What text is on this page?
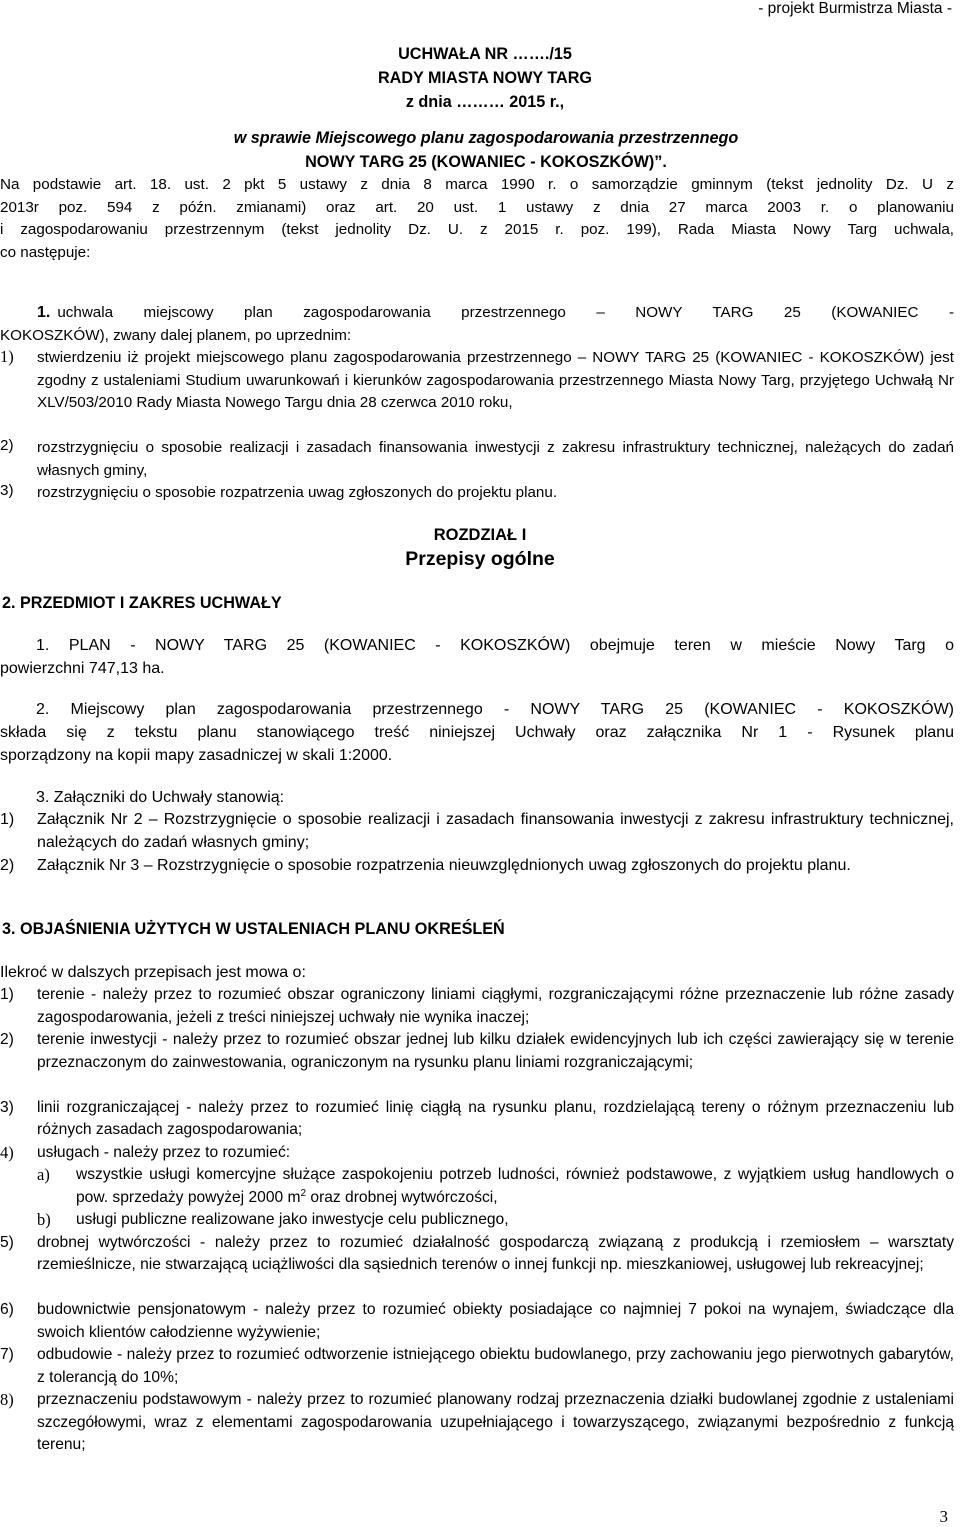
- projekt Burmistrza Miasta -
UCHWAŁA NR ……./15
RADY MIASTA NOWY TARG
z dnia ……… 2015 r.,
w sprawie Miejscowego planu zagospodarowania przestrzennego
NOWY TARG 25 (KOWANIEC - KOKOSZKÓW)”.
Na podstawie art. 18. ust. 2 pkt 5 ustawy z dnia 8 marca 1990 r. o samorządzie gminnym (tekst jednolity Dz. U z
2013r poz. 594 z późn. zmianami) oraz art. 20 ust. 1 ustawy z dnia 27 marca 2003 r. o planowaniu
i zagospodarowaniu przestrzennym (tekst jednolity Dz. U. z 2015 r. poz. 199), Rada Miasta Nowy Targ uchwala,
co następuje:
1. uchwala miejscowy plan zagospodarowania przestrzennego – NOWY TARG 25 (KOWANIEC -
KOKOSZKÓW), zwany dalej planem, po uprzednim:
1) stwierdzeniu iż projekt miejscowego planu zagospodarowania przestrzennego – NOWY TARG 25 (KOWANIEC - KOKOSZKÓW) jest zgodny z ustaleniami Studium uwarunkowań i kierunków zagospodarowania przestrzennego Miasta Nowy Targ, przyjętego Uchwałą Nr XLV/503/2010 Rady Miasta Nowego Targu dnia 28 czerwca 2010 roku,
2) rozstrzygnięciu o sposobie realizacji i zasadach finansowania inwestycji z zakresu infrastruktury technicznej, należących do zadań własnych gminy,
3) rozstrzygnięciu o sposobie rozpatrzenia uwag zgłoszonych do projektu planu.
ROZDZIAŁ I
Przepisy ogólne
2. PRZEDMIOT I ZAKRES UCHWAŁY
1. PLAN - NOWY TARG 25 (KOWANIEC - KOKOSZKÓW) obejmuje teren w mieście Nowy Targ o
powierzchni 747,13 ha.
2. Miejscowy plan zagospodarowania przestrzennego - NOWY TARG 25 (KOWANIEC - KOKOSZKÓW)
składa się z tekstu planu stanowiącego treść niniejszej Uchwały oraz załącznika Nr 1 - Rysunek planu
sporządzony na kopii mapy zasadniczej w skali 1:2000.
3. Załączniki do Uchwały stanowią:
1) Załącznik Nr 2 – Rozstrzygnięcie o sposobie realizacji i zasadach finansowania inwestycji z zakresu infrastruktury technicznej, należących do zadań własnych gminy;
2) Załącznik Nr 3 – Rozstrzygnięcie o sposobie rozpatrzenia nieuwzględnionych uwag zgłoszonych do projektu planu.
3. OBJAŚNIENIA UŻYTYCH W USTALENIACH PLANU OKREŚLEŃ
Ilekroć w dalszych przepisach jest mowa o:
1) terenie - należy przez to rozumieć obszar ograniczony liniami ciągłymi, rozgraniczającymi różne przeznaczenie lub różne zasady zagospodarowania, jeżeli z treści niniejszej uchwały nie wynika inaczej;
2) terenie inwestycji - należy przez to rozumieć obszar jednej lub kilku działek ewidencyjnych lub ich części zawierający się w terenie przeznaczonym do zainwestowania, ograniczonym na rysunku planu liniami rozgraniczającymi;
3) linii rozgraniczającej - należy przez to rozumieć linię ciągłą na rysunku planu, rozdzielającą tereny o różnym przeznaczeniu lub różnych zasadach zagospodarowania;
4) usługach - należy przez to rozumieć:
a) wszystkie usługi komercyjne służące zaspokojeniu potrzeb ludności, również podstawowe, z wyjątkiem usług handlowych o pow. sprzedaży powyżej 2000 $m^2$ oraz drobnej wytwórczości,
b) usługi publiczne realizowane jako inwestycje celu publicznego,
5) drobnej wytwórczości - należy przez to rozumieć działalność gospodarczą związaną z produkcją i rzemiosłem – warsztaty rzemieślnicze, nie stwarzającą uciążliwości dla sąsiednich terenów o innej funkcji np. mieszkaniowej, usługowej lub rekreacyjnej;
6) budownictwie pensjonatowym - należy przez to rozumieć obiekty posiadające co najmniej 7 pokoi na wynajem, świadczące dla swoich klientów całodzienne wyżywienie;
7) odbudowie - należy przez to rozumieć odtworzenie istniejącego obiektu budowlanego, przy zachowaniu jego pierwotnych gabarytów, z tolerancją do 10%;
8) przeznaczeniu podstawowym - należy przez to rozumieć planowany rodzaj przeznaczenia działki budowlanej zgodnie z ustaleniami szczegółowymi, wraz z elementami zagospodarowania uzupełniającego i towarzyszącego, związanymi bezpośrednio z funkcją terenu;
3
